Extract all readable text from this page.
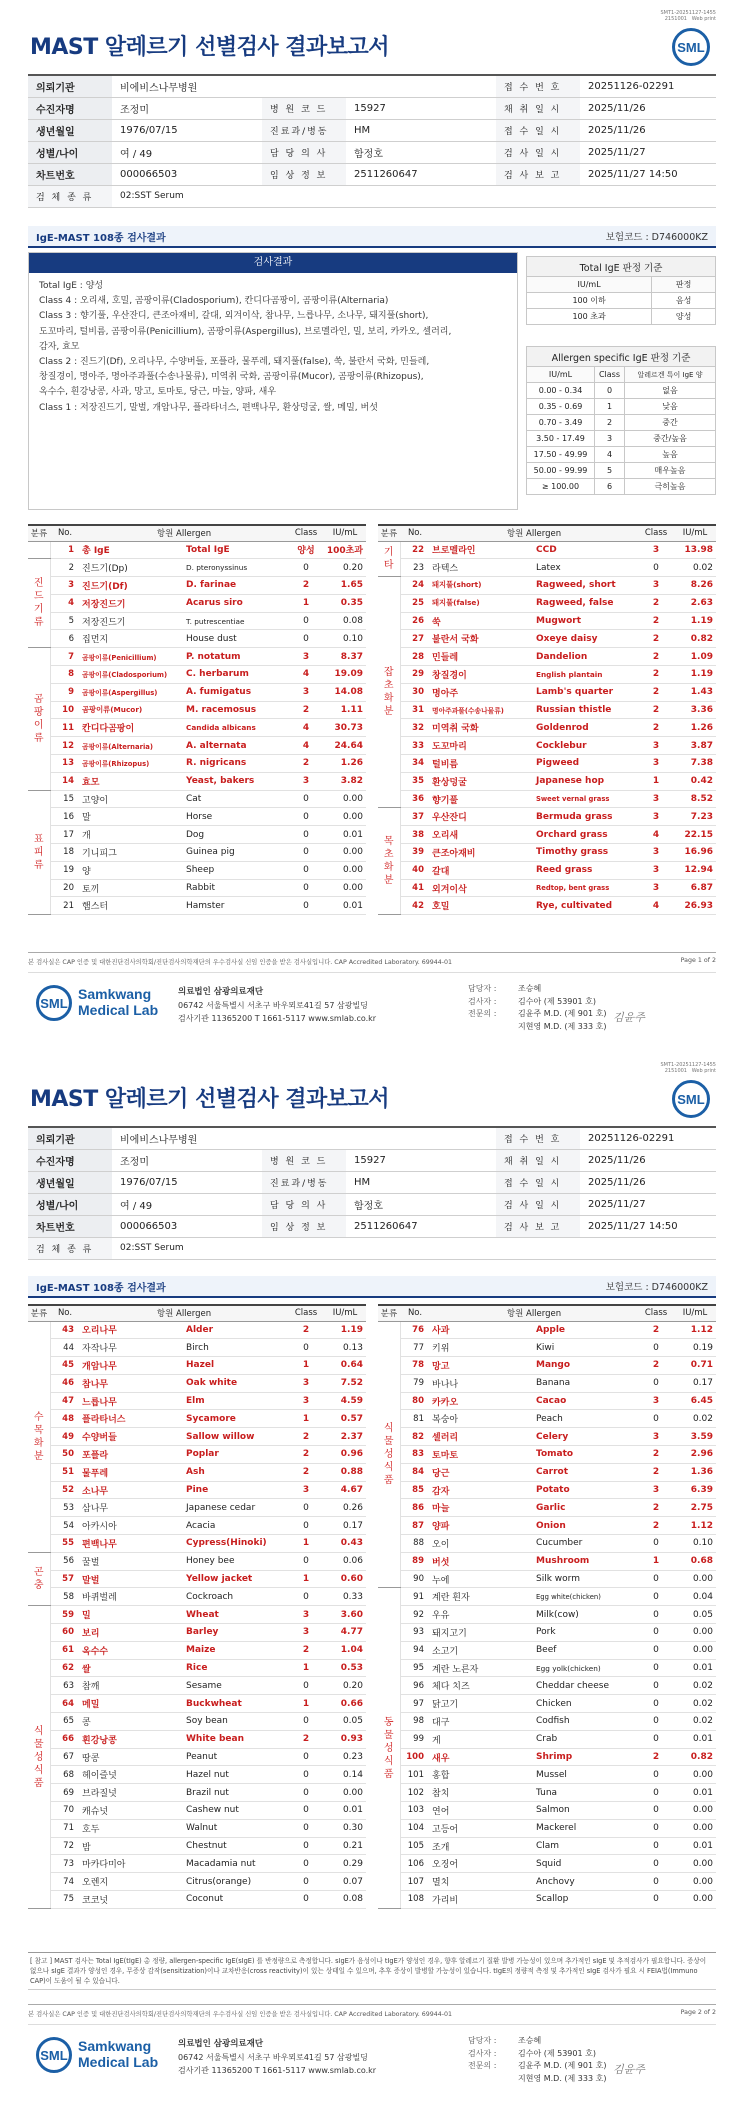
SMT1-20251127-1455
2151001   Web print
MAST 알레르기 선별검사 결과보고서	SML
의뢰기관	비에비스나무병원			접 수 번 호	20251126-02291
수진자명	조정미	병 원 코 드	15927	채 취 일 시	2025/11/26
생년월일	1976/07/15	진료과/병동	HM	접 수 일 시	2025/11/26
성별/나이	여 / 49	담 당 의 사	함정호	검 사 일 시	2025/11/27
차트번호	000066503	임 상 정 보	2511260647	검 사 보 고	2025/11/27 14:50
검 체 종 류	02:SST Serum				
IgE-MAST 108종 검사결과	보험코드 : D746000KZ
검사결과
Total IgE : 양성
Class 4 : 오리새, 호밀, 곰팡이류(Cladosporium), 칸디다곰팡이, 곰팡이류(Alternaria)
Class 3 : 향기풀, 우산잔디, 큰조아재비, 갈대, 외겨이삭, 참나무, 느릅나무, 소나무, 돼지풀(short),
도꼬마리, 털비름, 곰팡이류(Penicillium), 곰팡이류(Aspergillus), 브로멜라인, 밀, 보리, 카카오, 셀러리,
감자, 효모
Class 2 : 진드기(Df), 오리나무, 수양버들, 포플라, 물푸레, 돼지풀(false), 쑥, 불란서 국화, 민들레,
창질경이, 명아주, 명아주과풀(수송나물류), 미역취 국화, 곰팡이류(Mucor), 곰팡이류(Rhizopus),
옥수수, 흰강낭콩, 사과, 망고, 토마토, 당근, 마늘, 양파, 새우
Class 1 : 저장진드기, 말벌, 개암나무, 플라타너스, 편백나무, 환상덩굴, 쌀, 메밀, 버섯
Total IgE 판정 기준	
IU/mL	판정
100 이하	음성
100 초과	양성
Allergen specific IgE 판정 기준		
IU/mL	Class	알레르겐 특이 IgE 양
0.00 - 0.34	0	없음
0.35 - 0.69	1	낮음
0.70 - 3.49	2	중간
3.50 - 17.49	3	중간/높음
17.50 - 49.99	4	높음
50.00 - 99.99	5	매우높음
≥ 100.00	6	극히높음
분류	No.	항원 Allergen		Class	IU/mL
	1	총 IgE	Total IgE	양성	100초과
진
드
기
류	2	진드기(Dp)	D. pteronyssinus	0	0.20
	3	진드기(Df)	D. farinae	2	1.65
	4	저장진드기	Acarus siro	1	0.35
	5	저장진드기	T. putrescentiae	0	0.08
	6	집먼지	House dust	0	0.10
곰
팡
이
류	7	곰팡이류(Penicillium)	P. notatum	3	8.37
	8	곰팡이류(Cladosporium)	C. herbarum	4	19.09
	9	곰팡이류(Aspergillus)	A. fumigatus	3	14.08
	10	곰팡이류(Mucor)	M. racemosus	2	1.11
	11	칸디다곰팡이	Candida albicans	4	30.73
	12	곰팡이류(Alternaria)	A. alternata	4	24.64
	13	곰팡이류(Rhizopus)	R. nigricans	2	1.26
	14	효모	Yeast, bakers	3	3.82
표
피
류	15	고양이	Cat	0	0.00
	16	말	Horse	0	0.00
	17	개	Dog	0	0.01
	18	기니피그	Guinea pig	0	0.00
	19	양	Sheep	0	0.00
	20	토끼	Rabbit	0	0.00
	21	햄스터	Hamster	0	0.01
분류	No.	항원 Allergen		Class	IU/mL
기
타	22	브로멜라인	CCD	3	13.98
	23	라텍스	Latex	0	0.02
잡
초
화
분	24	돼지풀(short)	Ragweed, short	3	8.26
	25	돼지풀(false)	Ragweed, false	2	2.63
	26	쑥	Mugwort	2	1.19
	27	불란서 국화	Oxeye daisy	2	0.82
	28	민들레	Dandelion	2	1.09
	29	창질경이	English plantain	2	1.19
	30	명아주	Lamb's quarter	2	1.43
	31	명아주과풀(수송나물류)	Russian thistle	2	3.36
	32	미역취 국화	Goldenrod	2	1.26
	33	도꼬마리	Cocklebur	3	3.87
	34	털비름	Pigweed	3	7.38
	35	환상덩굴	Japanese hop	1	0.42
	36	향기풀	Sweet vernal grass	3	8.52
목
초
화
분	37	우산잔디	Bermuda grass	3	7.23
	38	오리새	Orchard grass	4	22.15
	39	큰조아재비	Timothy grass	3	16.96
	40	갈대	Reed grass	3	12.94
	41	외겨이삭	Redtop, bent grass	3	6.87
	42	호밀	Rye, cultivated	4	26.93
본 검사실은 CAP 인증 및 대한진단검사의학회/진단검사의학재단의 우수검사실 신임 인증을 받은 검사실입니다. CAP Accredited Laboratory. 69944-01	Page 1 of 2
SML
Samkwang
Medical Lab
의료법인 삼광의료재단
06742 서울특별시 서초구 바우뫼로41길 57 삼광빌딩
검사기관 11365200 T 1661-5117 www.smlab.co.kr
담당자 :	조승혜
검사자 :	김수아 (제 53901 호)
전문의 :	김윤주 M.D. (제 901 호)
지현영 M.D. (제 333 호)
김윤주
SMT1-20251127-1455
2151001   Web print
MAST 알레르기 선별검사 결과보고서	SML
의뢰기관	비에비스나무병원			접 수 번 호	20251126-02291
수진자명	조정미	병 원 코 드	15927	채 취 일 시	2025/11/26
생년월일	1976/07/15	진료과/병동	HM	접 수 일 시	2025/11/26
성별/나이	여 / 49	담 당 의 사	함정호	검 사 일 시	2025/11/27
차트번호	000066503	임 상 정 보	2511260647	검 사 보 고	2025/11/27 14:50
검 체 종 류	02:SST Serum				
IgE-MAST 108종 검사결과	보험코드 : D746000KZ
분류	No.	항원 Allergen		Class	IU/mL
수
목
화
분	43	오리나무	Alder	2	1.19
	44	자작나무	Birch	0	0.13
	45	개암나무	Hazel	1	0.64
	46	참나무	Oak white	3	7.52
	47	느릅나무	Elm	3	4.59
	48	플라타너스	Sycamore	1	0.57
	49	수양버들	Sallow willow	2	2.37
	50	포플라	Poplar	2	0.96
	51	물푸레	Ash	2	0.88
	52	소나무	Pine	3	4.67
	53	삼나무	Japanese cedar	0	0.26
	54	아카시아	Acacia	0	0.17
	55	편백나무	Cypress(Hinoki)	1	0.43
곤
충	56	꿀벌	Honey bee	0	0.06
	57	말벌	Yellow jacket	1	0.60
	58	바퀴벌레	Cockroach	0	0.33
식
물
성
식
품	59	밀	Wheat	3	3.60
	60	보리	Barley	3	4.77
	61	옥수수	Maize	2	1.04
	62	쌀	Rice	1	0.53
	63	참깨	Sesame	0	0.20
	64	메밀	Buckwheat	1	0.66
	65	콩	Soy bean	0	0.05
	66	흰강낭콩	White bean	2	0.93
	67	땅콩	Peanut	0	0.23
	68	헤이즐넛	Hazel nut	0	0.14
	69	브라질넛	Brazil nut	0	0.00
	70	캐슈넛	Cashew nut	0	0.01
	71	호두	Walnut	0	0.30
	72	밤	Chestnut	0	0.21
	73	마카다미아	Macadamia nut	0	0.29
	74	오렌지	Citrus(orange)	0	0.07
	75	코코넛	Coconut	0	0.08
분류	No.	항원 Allergen		Class	IU/mL
식
물
성
식
품	76	사과	Apple	2	1.12
	77	키위	Kiwi	0	0.19
	78	망고	Mango	2	0.71
	79	바나나	Banana	0	0.17
	80	카카오	Cacao	3	6.45
	81	복숭아	Peach	0	0.02
	82	셀러리	Celery	3	3.59
	83	토마토	Tomato	2	2.96
	84	당근	Carrot	2	1.36
	85	감자	Potato	3	6.39
	86	마늘	Garlic	2	2.75
	87	양파	Onion	2	1.12
	88	오이	Cucumber	0	0.10
	89	버섯	Mushroom	1	0.68
	90	누에	Silk worm	0	0.00
동
물
성
식
품	91	계란 흰자	Egg white(chicken)	0	0.04
	92	우유	Milk(cow)	0	0.05
	93	돼지고기	Pork	0	0.00
	94	소고기	Beef	0	0.00
	95	계란 노른자	Egg yolk(chicken)	0	0.01
	96	체다 치즈	Cheddar cheese	0	0.02
	97	닭고기	Chicken	0	0.02
	98	대구	Codfish	0	0.02
	99	게	Crab	0	0.01
	100	새우	Shrimp	2	0.82
	101	홍합	Mussel	0	0.00
	102	참치	Tuna	0	0.01
	103	연어	Salmon	0	0.00
	104	고등어	Mackerel	0	0.00
	105	조개	Clam	0	0.01
	106	오징어	Squid	0	0.00
	107	멸치	Anchovy	0	0.00
	108	가리비	Scallop	0	0.00
[ 참고 ] MAST 검사는 Total IgE(tIgE) 총 정량, allergen-specific IgE(sIgE) 를 반정량으로 측정합니다. sIgE가 음성이나 tIgE가 양성인 경우, 향후 알레르기 질환 발병 가능성이 있으며 추가적인 sIgE 및 추적검사가 필요합니다. 증상이 없으나 sIgE 결과가 양성인 경우, 무증상 감작(sensitization)이나 교차반응(cross reactivity)이 있는 상태일 수 있으며, 추후 증상이 발병할 가능성이 있습니다. tIgE의 정량적 측정 및 추가적인 sIgE 검사가 필요 시 FEIA법(Immuno CAP)이 도움이 될 수 있습니다.
본 검사실은 CAP 인증 및 대한진단검사의학회/진단검사의학재단의 우수검사실 신임 인증을 받은 검사실입니다. CAP Accredited Laboratory. 69944-01	Page 2 of 2
SML
Samkwang
Medical Lab
의료법인 삼광의료재단
06742 서울특별시 서초구 바우뫼로41길 57 삼광빌딩
검사기관 11365200 T 1661-5117 www.smlab.co.kr
담당자 :	조승혜
검사자 :	김수아 (제 53901 호)
전문의 :	김윤주 M.D. (제 901 호)
지현영 M.D. (제 333 호)
김윤주
